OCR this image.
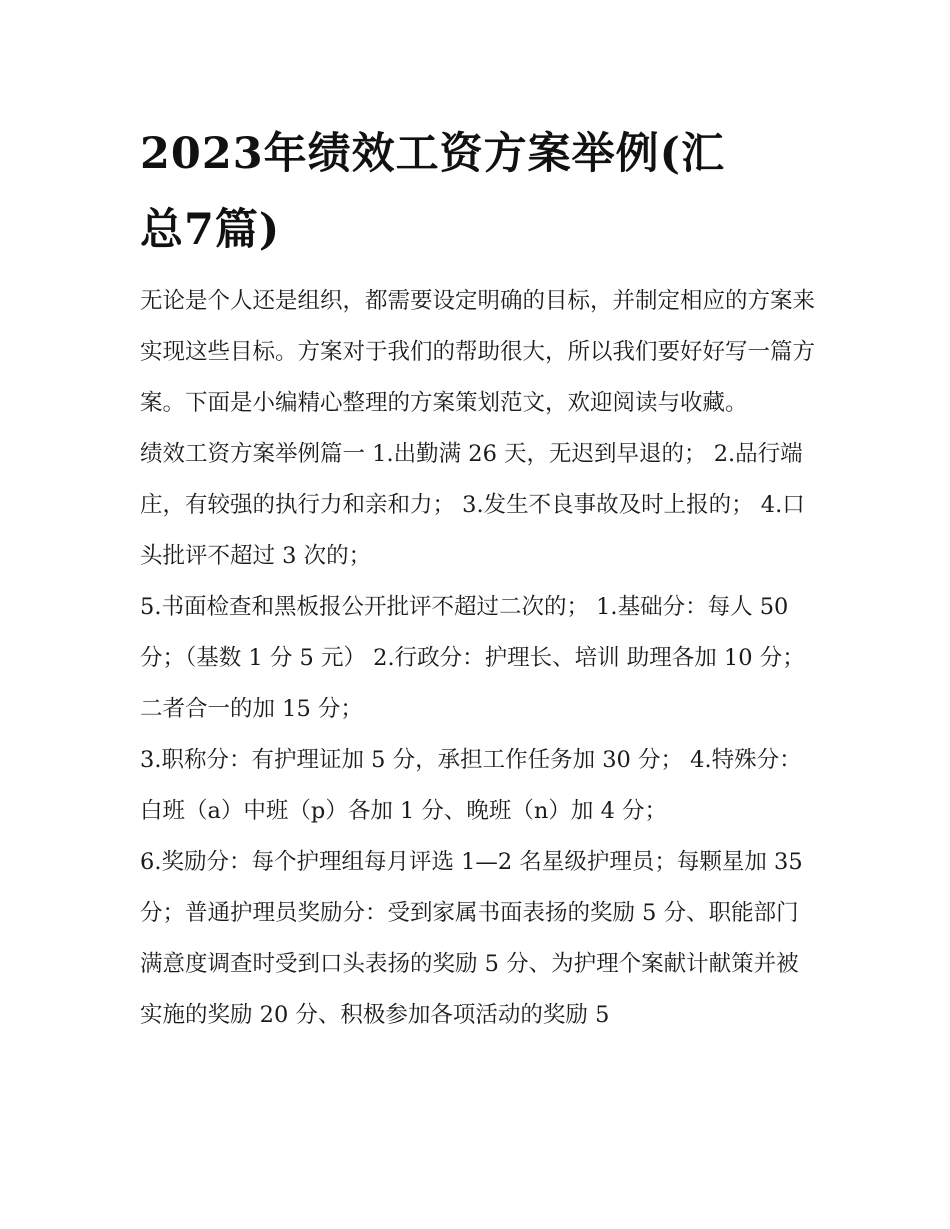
2023年绩效工资方案举例(汇
总7篇)

无论是个人还是组织，都需要设定明确的目标，并制定相应的方案来实现这些目标。方案对于我们的帮助很大，所以我们要好好写一篇方案。下面是小编精心整理的方案策划范文，欢迎阅读与收藏。

绩效工资方案举例篇一 1.出勤满 26 天，无迟到早退的； 2.品行端庄，有较强的执行力和亲和力； 3.发生不良事故及时上报的； 4.口头批评不超过 3 次的；

5.书面检查和黑板报公开批评不超过二次的； 1.基础分：每人 50 分；（基数 1 分 5 元） 2.行政分：护理长、培训 助理各加 10 分；二者合一的加 15 分；

3.职称分：有护理证加 5 分，承担工作任务加 30 分； 4.特殊分：白班（a）中班（p）各加 1 分、晚班（n）加 4 分；

6.奖励分：每个护理组每月评选 1—2 名星级护理员；每颗星加 35 分；普通护理员奖励分：受到家属书面表扬的奖励 5 分、职能部门满意度调查时受到口头表扬的奖励 5 分、为护理个案献计献策并被实施的奖励 20 分、积极参加各项活动的奖励 5
